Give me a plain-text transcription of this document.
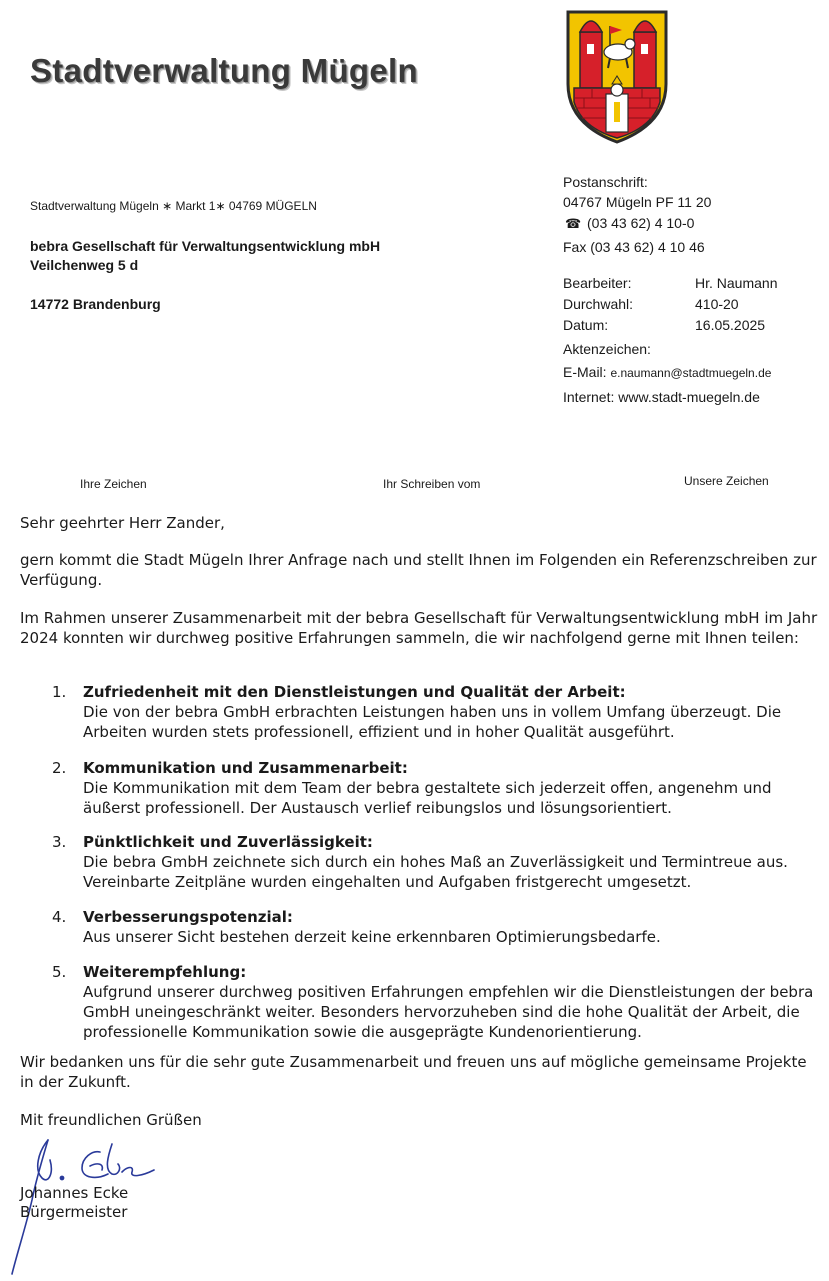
Stadtverwaltung Mügeln
Stadtverwaltung Mügeln ∗ Markt 1∗ 04769 MÜGELN
bebra Gesellschaft für Verwaltungsentwicklung mbH
Veilchenweg 5 d
14772 Brandenburg
Postanschrift:
04767 Mügeln PF 11 20
☎ (03 43 62) 4 10-0
Fax (03 43 62) 4 10 46
Bearbeiter:	Hr. Naumann
Durchwahl:	410-20
Datum:	16.05.2025
Aktenzeichen:
E-Mail: e.naumann@stadtmuegeln.de
Internet: www.stadt-muegeln.de
Ihre Zeichen	Ihr Schreiben vom	Unsere Zeichen
Sehr geehrter Herr Zander,
gern kommt die Stadt Mügeln Ihrer Anfrage nach und stellt Ihnen im Folgenden ein Referenzschreiben zur Verfügung.
Im Rahmen unserer Zusammenarbeit mit der bebra Gesellschaft für Verwaltungsentwicklung mbH im Jahr 2024 konnten wir durchweg positive Erfahrungen sammeln, die wir nachfolgend gerne mit Ihnen teilen:
1. Zufriedenheit mit den Dienstleistungen und Qualität der Arbeit:
Die von der bebra GmbH erbrachten Leistungen haben uns in vollem Umfang überzeugt. Die Arbeiten wurden stets professionell, effizient und in hoher Qualität ausgeführt.
2. Kommunikation und Zusammenarbeit:
Die Kommunikation mit dem Team der bebra gestaltete sich jederzeit offen, angenehm und äußerst professionell. Der Austausch verlief reibungslos und lösungsorientiert.
3. Pünktlichkeit und Zuverlässigkeit:
Die bebra GmbH zeichnete sich durch ein hohes Maß an Zuverlässigkeit und Termintreue aus. Vereinbarte Zeitpläne wurden eingehalten und Aufgaben fristgerecht umgesetzt.
4. Verbesserungspotenzial:
Aus unserer Sicht bestehen derzeit keine erkennbaren Optimierungsbedarfe.
5. Weiterempfehlung:
Aufgrund unserer durchweg positiven Erfahrungen empfehlen wir die Dienstleistungen der bebra GmbH uneingeschränkt weiter. Besonders hervorzuheben sind die hohe Qualität der Arbeit, die professionelle Kommunikation sowie die ausgeprägte Kundenorientierung.
Wir bedanken uns für die sehr gute Zusammenarbeit und freuen uns auf mögliche gemeinsame Projekte in der Zukunft.
Mit freundlichen Grüßen
Johannes Ecke
Bürgermeister
